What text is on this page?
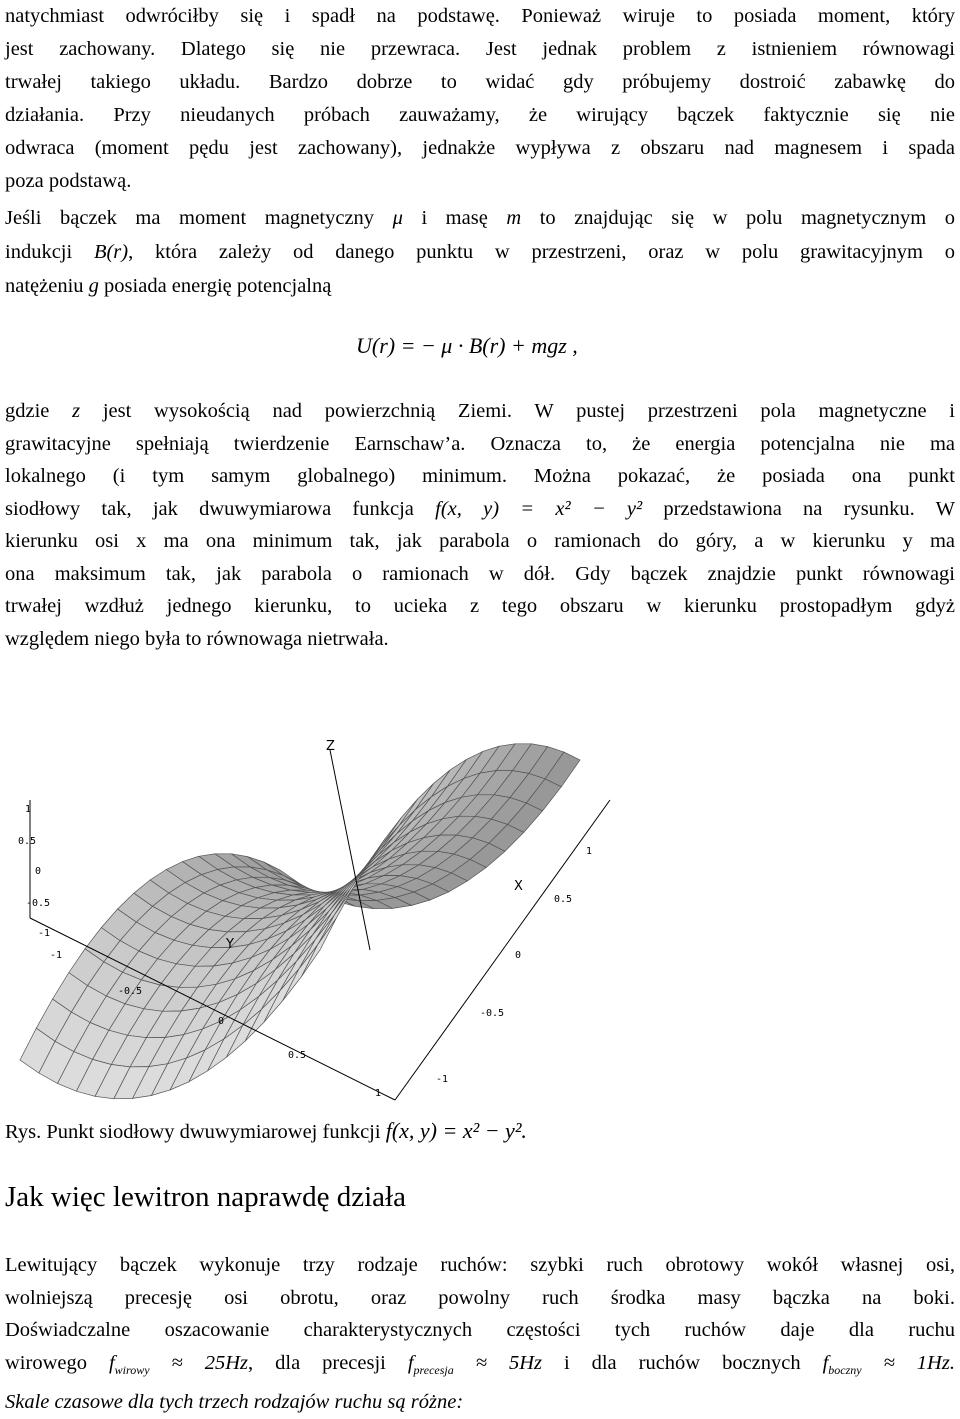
natychmiast odwróciłby się i spadł na podstawę. Ponieważ wiruje to posiada moment, który
jest zachowany. Dlatego się nie przewraca. Jest jednak problem z istnieniem równowagi
trwałej takiego układu. Bardzo dobrze to widać gdy próbujemy dostroić zabawkę do
działania. Przy nieudanych próbach zauważamy, że wirujący bączek faktycznie się nie
odwraca (moment pędu jest zachowany), jednakże wypływa z obszaru nad magnesem i spada
poza podstawą.
Jeśli bączek ma moment magnetyczny μ i masę m to znajdując się w polu magnetycznym o
indukcji B(r), która zależy od danego punktu w przestrzeni, oraz w polu grawitacyjnym o
natężeniu g posiada energię potencjalną
U(r) = − μ · B(r) + mgz ,
gdzie z jest wysokością nad powierzchnią Ziemi. W pustej przestrzeni pola magnetyczne i
grawitacyjne spełniają twierdzenie Earnschaw’a. Oznacza to, że energia potencjalna nie ma
lokalnego (i tym samym globalnego) minimum. Można pokazać, że posiada ona punkt
siodłowy tak, jak dwuwymiarowa funkcja f(x, y) = x² − y² przedstawiona na rysunku. W
kierunku osi x ma ona minimum tak, jak parabola o ramionach do góry, a w kierunku y ma
ona maksimum tak, jak parabola o ramionach w dół. Gdy bączek znajdzie punkt równowagi
trwałej wzdłuż jednego kierunku, to ucieka z tego obszaru w kierunku prostopadłym gdyż
względem niego była to równowaga nietrwała.
Z
X
Y
1
0.5
0
-0.5
-1
1
0.5
0
-0.5
-1
-1
-0.5
0
0.5
1
Rys. Punkt siodłowy dwuwymiarowej funkcji f(x, y) = x² − y².
Jak więc lewitron naprawdę działa
Lewitujący bączek wykonuje trzy rodzaje ruchów: szybki ruch obrotowy wokół własnej osi,
wolniejszą precesję osi obrotu, oraz powolny ruch środka masy bączka na boki.
Doświadczalne oszacowanie charakterystycznych częstości tych ruchów daje dla ruchu
wirowego $f_{wirowy} \approx 25Hz$, dla precesji $f_{precesja} \approx 5Hz$ i dla ruchów bocznych $f_{boczny} \approx 1Hz$.
Skale czasowe dla tych trzech rodzajów ruchu są różne:
